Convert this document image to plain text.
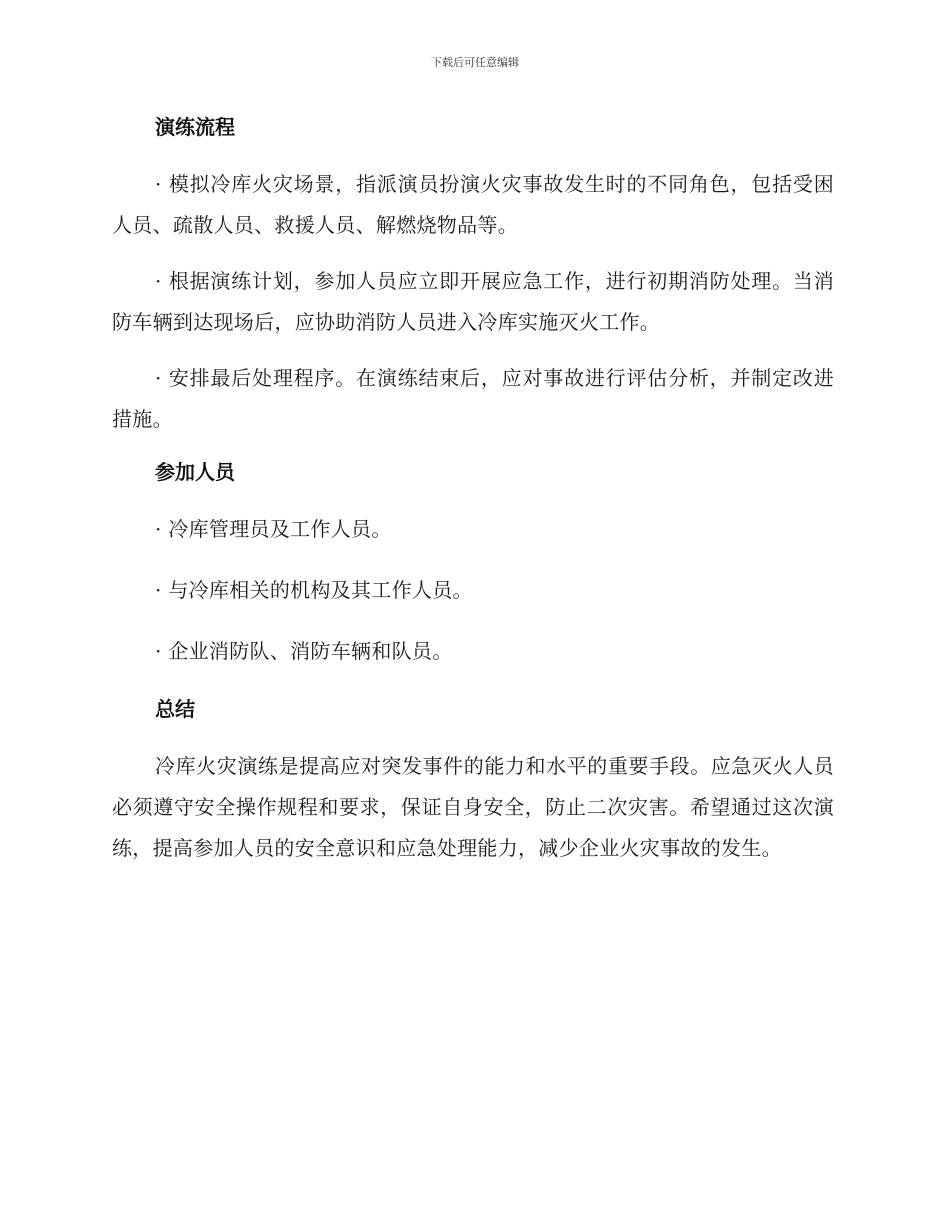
下载后可任意编辑
演练流程

· 模拟冷库火灾场景，指派演员扮演火灾事故发生时的不同角色，包括受困人员、疏散人员、救援人员、解燃烧物品等。

· 根据演练计划，参加人员应立即开展应急工作，进行初期消防处理。当消防车辆到达现场后，应协助消防人员进入冷库实施灭火工作。

· 安排最后处理程序。在演练结束后，应对事故进行评估分析，并制定改进措施。

参加人员

· 冷库管理员及工作人员。

· 与冷库相关的机构及其工作人员。

· 企业消防队、消防车辆和队员。

总结

冷库火灾演练是提高应对突发事件的能力和水平的重要手段。应急灭火人员必须遵守安全操作规程和要求，保证自身安全，防止二次灾害。希望通过这次演练，提高参加人员的安全意识和应急处理能力，减少企业火灾事故的发生。
